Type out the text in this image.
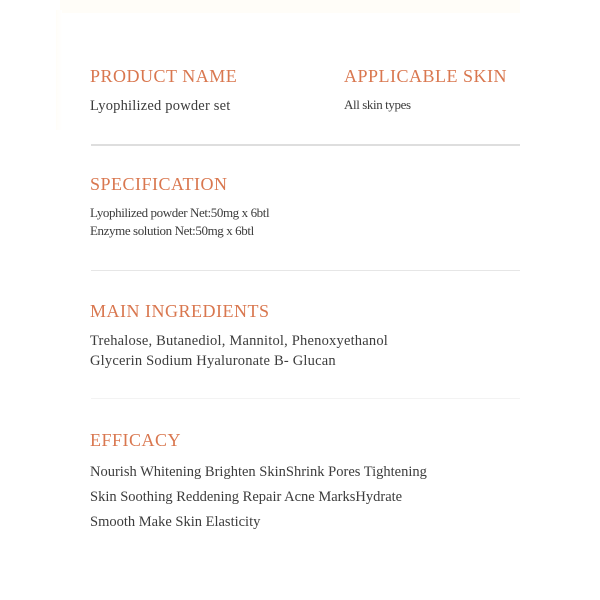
PRODUCT NAME

Lyophilized powder set

APPLICABLE SKIN

All skin types

SPECIFICATION

Lyophilized powder Net:50mg x 6btl

Enzyme solution Net:50mg x 6btl

MAIN INGREDIENTS

Trehalose, Butanediol, Mannitol, Phenoxyethanol

Glycerin Sodium Hyaluronate B- Glucan

EFFICACY

Nourish Whitening Brighten SkinShrink Pores Tightening

Skin Soothing Reddening Repair Acne MarksHydrate

Smooth Make Skin Elasticity
